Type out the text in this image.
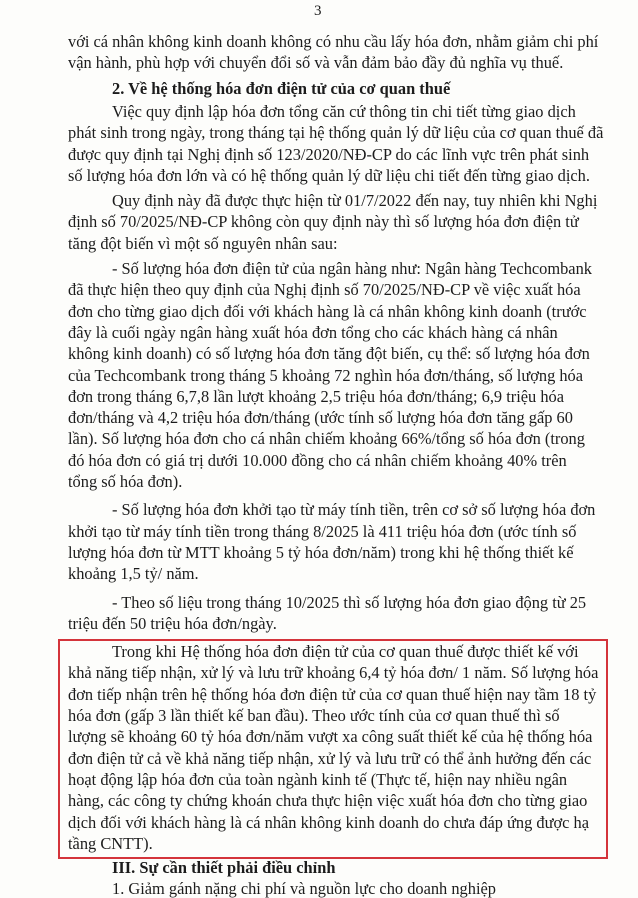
3
với cá nhân không kinh doanh không có nhu cầu lấy hóa đơn, nhằm giảm chi phí
vận hành, phù hợp với chuyển đổi số và vẫn đảm bảo đầy đủ nghĩa vụ thuế.
2. Về hệ thống hóa đơn điện tử của cơ quan thuế
Việc quy định lập hóa đơn tổng căn cứ thông tin chi tiết từng giao dịch
phát sinh trong ngày, trong tháng tại hệ thống quản lý dữ liệu của cơ quan thuế đã
được quy định tại Nghị định số 123/2020/NĐ-CP do các lĩnh vực trên phát sinh
số lượng hóa đơn lớn và có hệ thống quản lý dữ liệu chi tiết đến từng giao dịch.
Quy định này đã được thực hiện từ 01/7/2022 đến nay, tuy nhiên khi Nghị
định số 70/2025/NĐ-CP không còn quy định này thì số lượng hóa đơn điện tử
tăng đột biến vì một số nguyên nhân sau:
- Số lượng hóa đơn điện tử của ngân hàng như: Ngân hàng Techcombank
đã thực hiện theo quy định của Nghị định số 70/2025/NĐ-CP về việc xuất hóa
đơn cho từng giao dịch đối với khách hàng là cá nhân không kinh doanh (trước
đây là cuối ngày ngân hàng xuất hóa đơn tổng cho các khách hàng cá nhân
không kinh doanh) có số lượng hóa đơn tăng đột biến, cụ thể: số lượng hóa đơn
của Techcombank trong tháng 5 khoảng 72 nghìn hóa đơn/tháng, số lượng hóa
đơn trong tháng 6,7,8 lần lượt khoảng 2,5 triệu hóa đơn/tháng; 6,9 triệu hóa
đơn/tháng và 4,2 triệu hóa đơn/tháng (ước tính số lượng hóa đơn tăng gấp 60
lần). Số lượng hóa đơn cho cá nhân chiếm khoảng 66%/tổng số hóa đơn (trong
đó hóa đơn có giá trị dưới 10.000 đồng cho cá nhân chiếm khoảng 40% trên
tổng số hóa đơn).
- Số lượng hóa đơn khởi tạo từ máy tính tiền, trên cơ sở số lượng hóa đơn
khởi tạo từ máy tính tiền trong tháng 8/2025 là 411 triệu hóa đơn (ước tính số
lượng hóa đơn từ MTT khoảng 5 tỷ hóa đơn/năm) trong khi hệ thống thiết kế
khoảng 1,5 tỷ/ năm.
- Theo số liệu trong tháng 10/2025 thì số lượng hóa đơn giao động từ 25
triệu đến 50 triệu hóa đơn/ngày.
Trong khi Hệ thống hóa đơn điện tử của cơ quan thuế được thiết kế với
khả năng tiếp nhận, xử lý và lưu trữ khoảng 6,4 tỷ hóa đơn/ 1 năm. Số lượng hóa
đơn tiếp nhận trên hệ thống hóa đơn điện tử của cơ quan thuế hiện nay tầm 18 tỷ
hóa đơn (gấp 3 lần thiết kế ban đầu). Theo ước tính của cơ quan thuế thì số
lượng sẽ khoảng 60 tỷ hóa đơn/năm vượt xa công suất thiết kế của hệ thống hóa
đơn điện tử cả về khả năng tiếp nhận, xử lý và lưu trữ có thể ảnh hưởng đến các
hoạt động lập hóa đơn của toàn ngành kinh tế (Thực tế, hiện nay nhiều ngân
hàng, các công ty chứng khoán chưa thực hiện việc xuất hóa đơn cho từng giao
dịch đối với khách hàng là cá nhân không kinh doanh do chưa đáp ứng được hạ
tầng CNTT).
III. Sự cần thiết phải điều chỉnh
1. Giảm gánh nặng chi phí và nguồn lực cho doanh nghiệp
